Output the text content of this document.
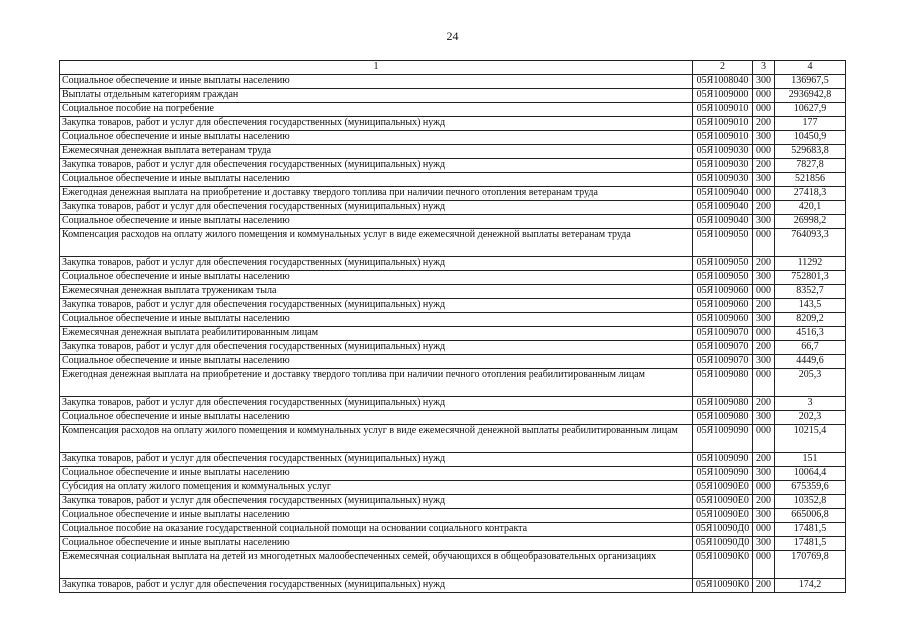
24
1	2	3	4
Социальное обеспечение и иные выплаты населению	05Я1008040	300	136967,5
Выплаты отдельным категориям граждан	05Я1009000	000	2936942,8
Социальное пособие на погребение	05Я1009010	000	10627,9
Закупка товаров, работ и услуг для обеспечения государственных (муниципальных) нужд	05Я1009010	200	177
Социальное обеспечение и иные выплаты населению	05Я1009010	300	10450,9
Ежемесячная денежная выплата ветеранам труда	05Я1009030	000	529683,8
Закупка товаров, работ и услуг для обеспечения государственных (муниципальных) нужд	05Я1009030	200	7827,8
Социальное обеспечение и иные выплаты населению	05Я1009030	300	521856
Ежегодная денежная выплата на приобретение и доставку твердого топлива при наличии печного отопления ветеранам труда	05Я1009040	000	27418,3
Закупка товаров, работ и услуг для обеспечения государственных (муниципальных) нужд	05Я1009040	200	420,1
Социальное обеспечение и иные выплаты населению	05Я1009040	300	26998,2
Компенсация расходов на оплату жилого помещения и коммунальных услуг в виде ежемесячной денежной выплаты ветеранам труда	05Я1009050	000	764093,3
Закупка товаров, работ и услуг для обеспечения государственных (муниципальных) нужд	05Я1009050	200	11292
Социальное обеспечение и иные выплаты населению	05Я1009050	300	752801,3
Ежемесячная денежная выплата труженикам тыла	05Я1009060	000	8352,7
Закупка товаров, работ и услуг для обеспечения государственных (муниципальных) нужд	05Я1009060	200	143,5
Социальное обеспечение и иные выплаты населению	05Я1009060	300	8209,2
Ежемесячная денежная выплата реабилитированным лицам	05Я1009070	000	4516,3
Закупка товаров, работ и услуг для обеспечения государственных (муниципальных) нужд	05Я1009070	200	66,7
Социальное обеспечение и иные выплаты населению	05Я1009070	300	4449,6
Ежегодная денежная выплата на приобретение и доставку твердого топлива при наличии печного отопления реабилитированным лицам	05Я1009080	000	205,3
Закупка товаров, работ и услуг для обеспечения государственных (муниципальных) нужд	05Я1009080	200	3
Социальное обеспечение и иные выплаты населению	05Я1009080	300	202,3
Компенсация расходов на оплату жилого помещения и коммунальных услуг в виде ежемесячной денежной выплаты реабилитированным лицам	05Я1009090	000	10215,4
Закупка товаров, работ и услуг для обеспечения государственных (муниципальных) нужд	05Я1009090	200	151
Социальное обеспечение и иные выплаты населению	05Я1009090	300	10064,4
Субсидия на оплату жилого помещения и коммунальных услуг	05Я10090Е0	000	675359,6
Закупка товаров, работ и услуг для обеспечения государственных (муниципальных) нужд	05Я10090Е0	200	10352,8
Социальное обеспечение и иные выплаты населению	05Я10090Е0	300	665006,8
Социальное пособие на оказание государственной социальной помощи на основании социального контракта	05Я10090Д0	000	17481,5
Социальное обеспечение и иные выплаты населению	05Я10090Д0	300	17481,5
Ежемесячная социальная выплата на детей из многодетных малообеспеченных семей, обучающихся в общеобразовательных организациях	05Я10090К0	000	170769,8
Закупка товаров, работ и услуг для обеспечения государственных (муниципальных) нужд	05Я10090К0	200	174,2
